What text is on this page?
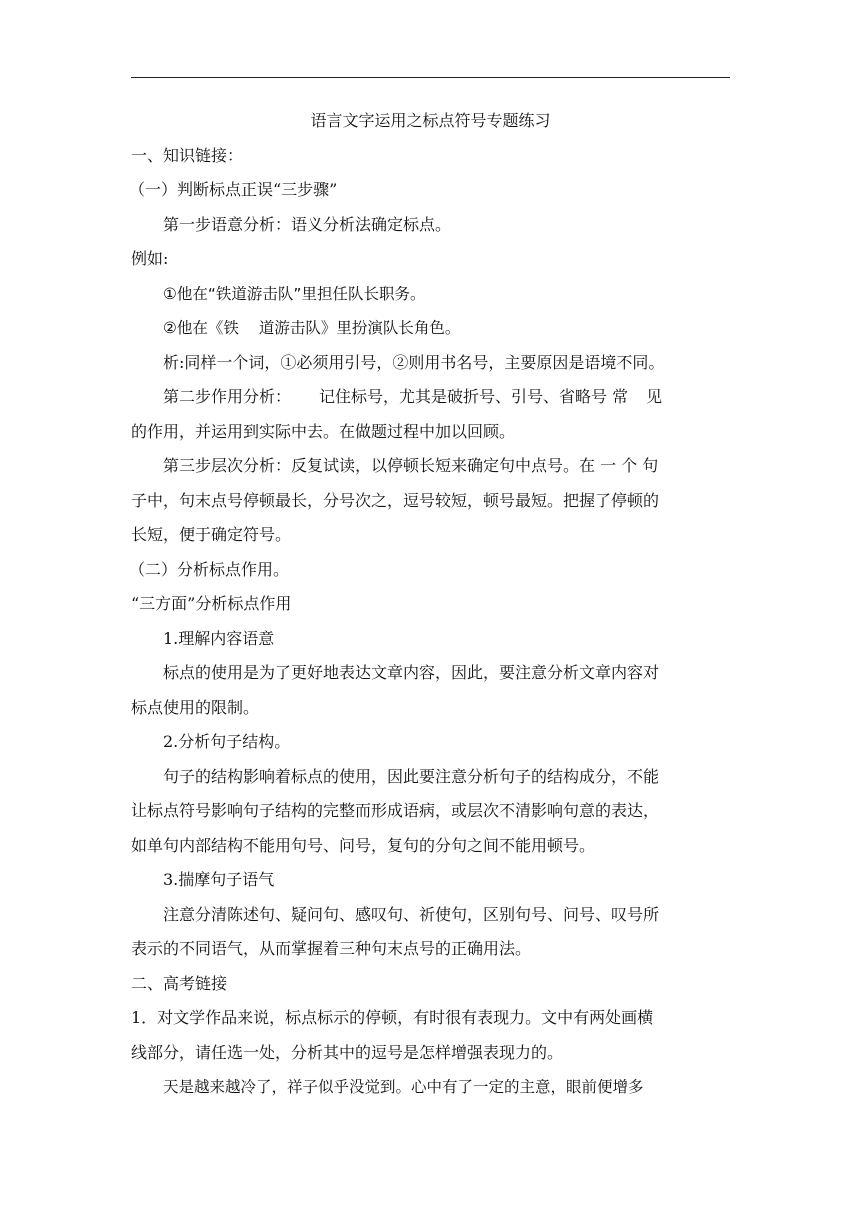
语言文字运用之标点符号专题练习
一、知识链接：
（一）判断标点正误“三步骤”
第一步语意分析：语义分析法确定标点。
例如:
①他在“铁道游击队”里担任队长职务。
②他在《铁 道游击队》里扮演队长角色。
析:同样一个词，①必须用引号，②则用书名号，主要原因是语境不同。
第二步作用分析： 记住标号，尤其是破折号、引号、省略号 常 见
的作用，并运用到实际中去。在做题过程中加以回顾。
第三步层次分析：反复试读，以停顿长短来确定句中点号。在 一 个 句
子中，句末点号停顿最长，分号次之，逗号较短，顿号最短。把握了停顿的
长短，便于确定符号。
（二）分析标点作用。
“三方面”分析标点作用
1.理解内容语意
标点的使用是为了更好地表达文章内容，因此，要注意分析文章内容对
标点使用的限制。
2.分析句子结构。
句子的结构影响着标点的使用，因此要注意分析句子的结构成分，不能
让标点符号影响句子结构的完整而形成语病，或层次不清影响句意的表达，
如单句内部结构不能用句号、问号，复句的分句之间不能用顿号。
3.揣摩句子语气
注意分清陈述句、疑问句、感叹句、祈使句，区别句号、问号、叹号所
表示的不同语气，从而掌握着三种句末点号的正确用法。
二、高考链接
1．对文学作品来说，标点标示的停顿，有时很有表现力。文中有两处画横
线部分，请任选一处，分析其中的逗号是怎样增强表现力的。
天是越来越冷了，祥子似乎没觉到。心中有了一定的主意，眼前便增多
